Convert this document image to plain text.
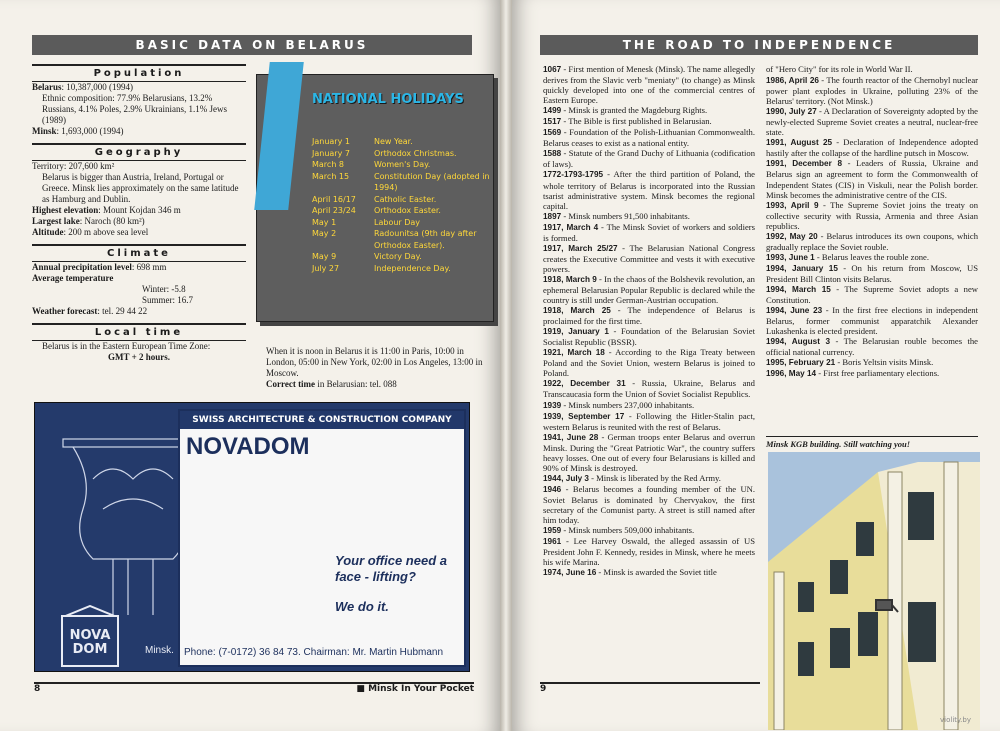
BASIC DATA ON BELARUS
Population
Belarus: 10,387,000 (1994)
Ethnic composition: 77.9% Belarusians, 13.2% Russians, 4.1% Poles, 2.9% Ukrainians, 1.1% Jews (1989)
Minsk: 1,693,000 (1994)
Geography
Territory: 207,600 km²
Belarus is bigger than Austria, Ireland, Portugal or Greece. Minsk lies approximately on the same latitude as Hamburg and Dublin.
Highest elevation: Mount Kojdan 346 m
Largest lake: Naroch (80 km²)
Altitude: 200 m above sea level
Climate
Annual precipitation level: 698 mm
Average temperature
Winter: -5.8
Summer: 16.7
Weather forecast: tel. 29 44 22
Local time
Belarus is in the Eastern European Time Zone:
GMT + 2 hours.
NATIONAL HOLIDAYS
January 1	New Year.
January 7	Orthodox Christmas.
March 8	Women's Day.
March 15	Constitution Day (adopted in 1994)
April 16/17	Catholic Easter.
April 23/24	Orthodox Easter.
May 1	Labour Day
May 2	Radounitsa (9th day after Orthodox Easter).
May 9	Victory Day.
July 27	Independence Day.
When it is noon in Belarus it is 11:00 in Paris, 10:00 in London, 05:00 in New York, 02:00 in Los Angeles, 13:00 in Moscow.
Correct time in Belarusian: tel. 088
SWISS ARCHITECTURE & CONSTRUCTION COMPANY
NOVADOM
Your office need a face - lifting?
We do it.
Phone: (7-0172) 36 84 73. Chairman: Mr. Martin Hubmann
NOVA
DOM	Minsk.
8	■ Minsk In Your Pocket
THE ROAD TO INDEPENDENCE
1067 - First mention of Menesk (Minsk). The name allegedly derives from the Slavic verb "meniaty" (to change) as Minsk quickly developed into one of the commercial centres of Eastern Europe.
1499 - Minsk is granted the Magdeburg Rights.
1517 - The Bible is first published in Belarusian.
1569 - Foundation of the Polish-Lithuanian Commonwealth. Belarus ceases to exist as a national entity.
1588 - Statute of the Grand Duchy of Lithuania (codification of laws).
1772-1793-1795 - After the third partition of Poland, the whole territory of Belarus is incorporated into the Russian tsarist administrative system. Minsk becomes the regional capital.
1897 - Minsk numbers 91,500 inhabitants.
1917, March 4 - The Minsk Soviet of workers and soldiers is formed.
1917, March 25/27 - The Belarusian National Congress creates the Executive Committee and vests it with executive powers.
1918, March 9 - In the chaos of the Bolshevik revolution, an ephemeral Belarusian Popular Republic is declared while the country is still under German-Austrian occupation.
1918, March 25 - The independence of Belarus is proclaimed for the first time.
1919, January 1 - Foundation of the Belarusian Soviet Socialist Republic (BSSR).
1921, March 18 - According to the Riga Treaty between Poland and the Soviet Union, western Belarus is joined to Poland.
1922, December 31 - Russia, Ukraine, Belarus and Transcaucasia form the Union of Soviet Socialist Republics.
1939 - Minsk numbers 237,000 inhabitants.
1939, September 17 - Following the Hitler-Stalin pact, western Belarus is reunited with the rest of Belarus.
1941, June 28 - German troops enter Belarus and overrun Minsk. During the "Great Patriotic War", the country suffers heavy losses. One out of every four Belarusians is killed and 90% of Minsk is destroyed.
1944, July 3 - Minsk is liberated by the Red Army.
1946 - Belarus becomes a founding member of the UN. Soviet Belarus is dominated by Chervyakov, the first secretary of the Comunist party. A street is still named after him today.
1959 - Minsk numbers 509,000 inhabitants.
1961 - Lee Harvey Oswald, the alleged assassin of US President John F. Kennedy, resides in Minsk, where he meets his wife Marina.
1974, June 16 - Minsk is awarded the Soviet title
of "Hero City" for its role in World War II.
1986, April 26 - The fourth reactor of the Chernobyl nuclear power plant explodes in Ukraine, polluting 23% of the Belarus' territory. (Not Minsk.)
1990, July 27 - A Declaration of Sovereignty adopted by the newly-elected Supreme Soviet creates a neutral, nuclear-free state.
1991, August 25 - Declaration of Independence adopted hastily after the collapse of the hardline putsch in Moscow.
1991, December 8 - Leaders of Russia, Ukraine and Belarus sign an agreement to form the Commonwealth of Independent States (CIS) in Viskuli, near the Polish border. Minsk becomes the administrative centre of the CIS.
1993, April 9 - The Supreme Soviet joins the treaty on collective security with Russia, Armenia and three Asian republics.
1992, May 20 - Belarus introduces its own coupons, which gradually replace the Soviet rouble.
1993, June 1 - Belarus leaves the rouble zone.
1994, January 15 - On his return from Moscow, US President Bill Clinton visits Belarus.
1994, March 15 - The Supreme Soviet adopts a new Constitution.
1994, June 23 - In the first free elections in independent Belarus, former communist apparatchik Alexander Lukashenka is elected president.
1994, August 3 - The Belarusian rouble becomes the official national currency.
1995, February 21 - Boris Yeltsin visits Minsk.
1996, May 14 - First free parliamentary elections.
Minsk KGB building. Still watching you!
9
violity.by
